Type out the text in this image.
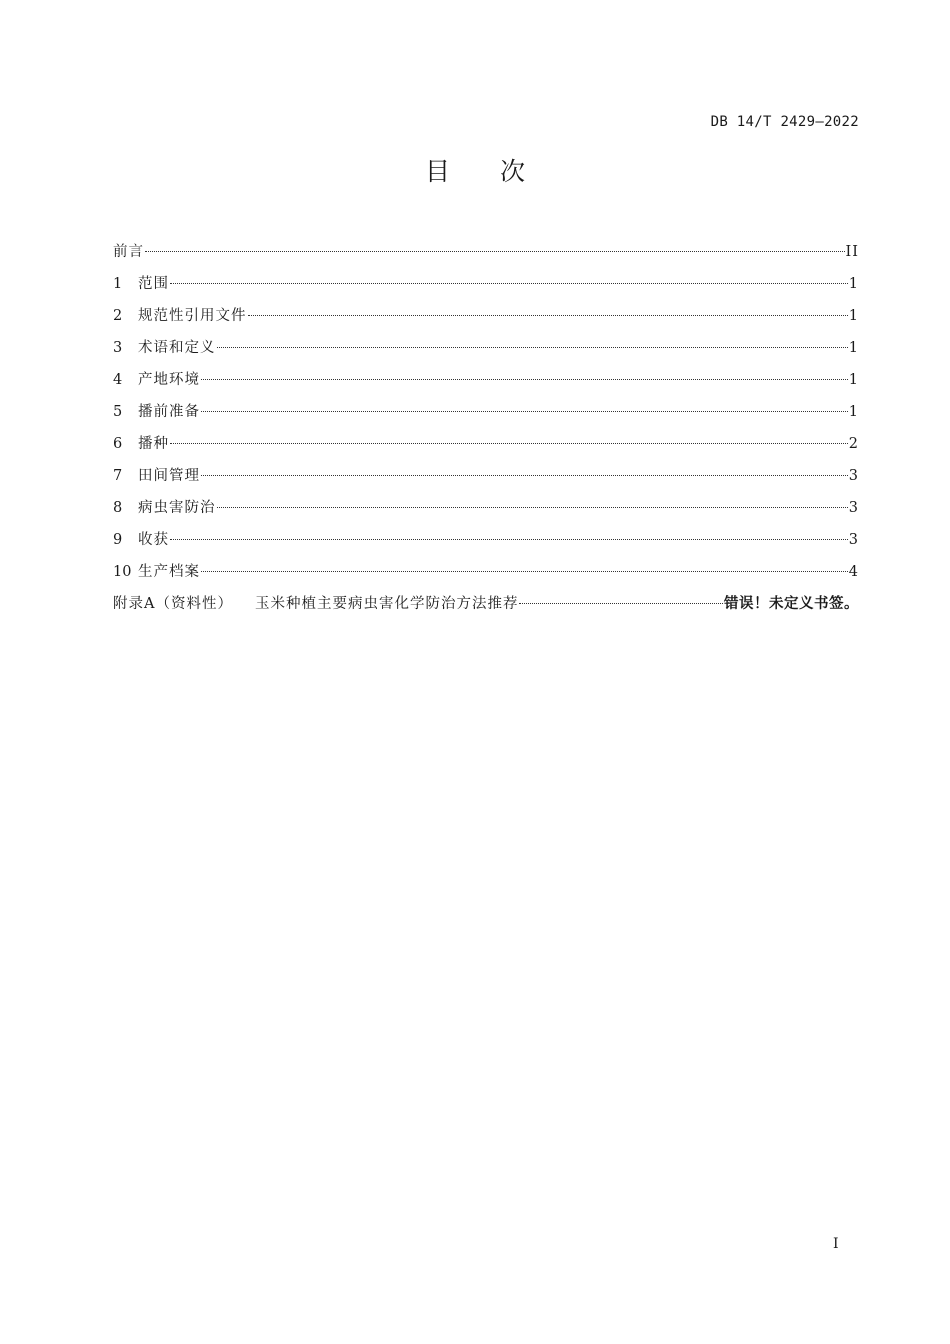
DB 14/T 2429—2022
目次
前言	II
1	范围	1
2	规范性引用文件	1
3	术语和定义	1
4	产地环境	1
5	播前准备	1
6	播种	2
7	田间管理	3
8	病虫害防治	3
9	收获	3
10 生产档案	4
附录A（资料性） 玉米种植主要病虫害化学防治方法推荐	错误！未定义书签。
I
